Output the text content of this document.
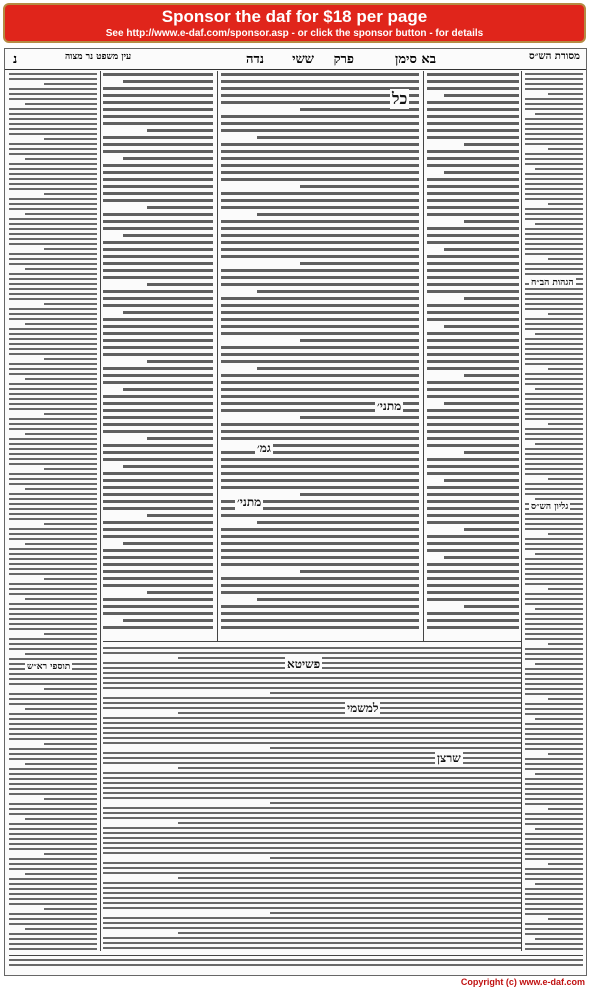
Sponsor the daf for $18 per page
See http://www.e-daf.com/sponsor.asp - or click the sponsor button - for details
מסורת הש״ס
בא סימן
פרק
ששי
נדה
עין משפט נר מצוה
נ
כל
מתני׳
גמ׳
מתני׳
פשיטא
למשמי
שרצן
תוספי רא״ש
הגהות הב״ח
גליון הש״ס
Copyright (c) www.e-daf.com
